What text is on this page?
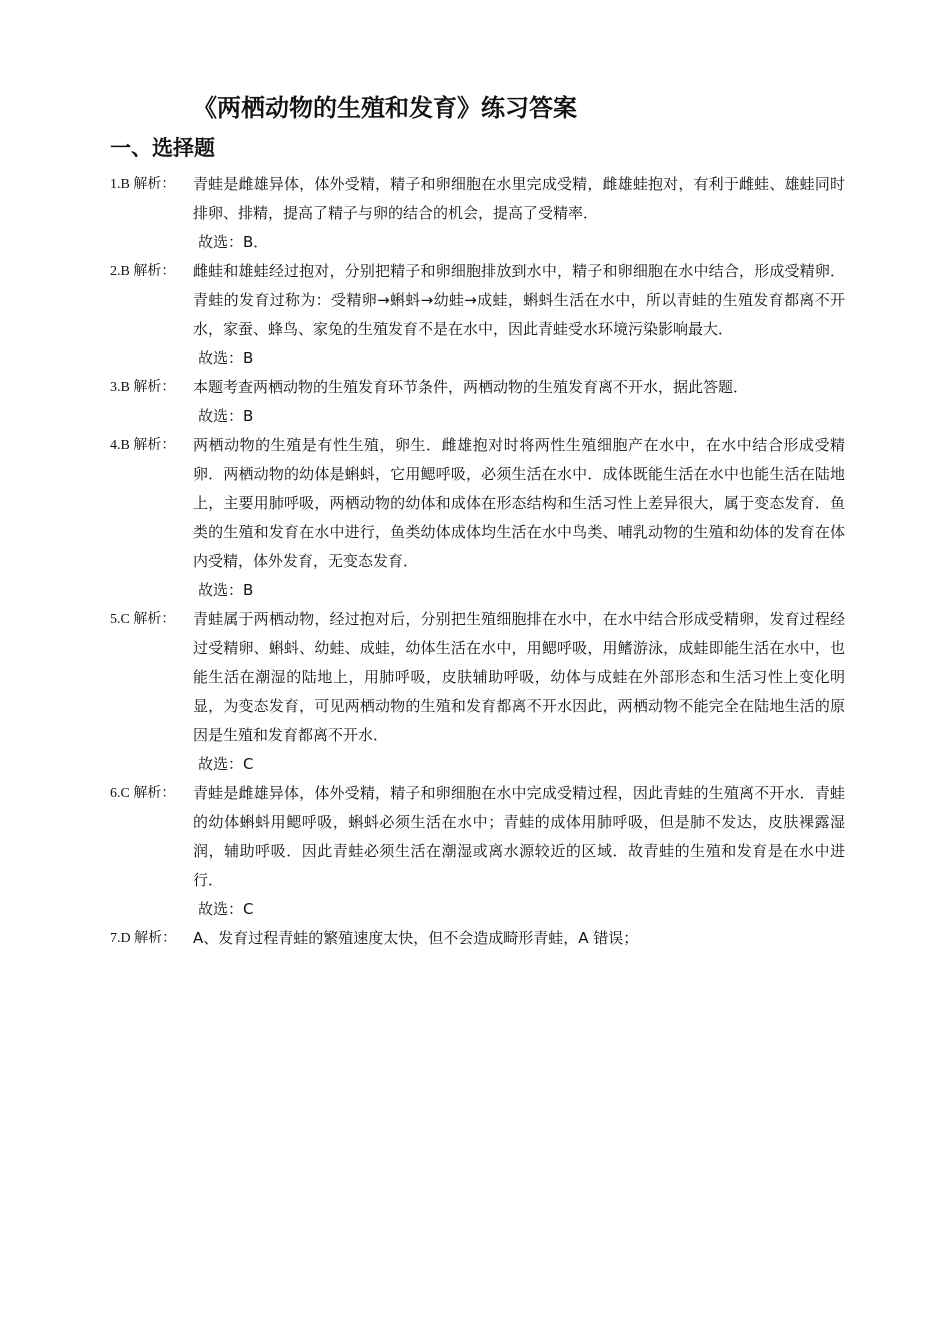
《两栖动物的生殖和发育》练习答案
一、选择题
1.B 解析：	青蛙是雌雄异体，体外受精，精子和卵细胞在水里完成受精，雌雄蛙抱对，有利于雌蛙、雄蛙同时排卵、排精，提高了精子与卵的结合的机会，提高了受精率．
故选：B．
2.B 解析：	雌蛙和雄蛙经过抱对，分别把精子和卵细胞排放到水中，精子和卵细胞在水中结合，形成受精卵．青蛙的发育过称为：受精卵→蝌蚪→幼蛙→成蛙，蝌蚪生活在水中，所以青蛙的生殖发育都离不开水，家蚕、蜂鸟、家兔的生殖发育不是在水中，因此青蛙受水环境污染影响最大．
故选：B
3.B 解析：	本题考查两栖动物的生殖发育环节条件，两栖动物的生殖发育离不开水，据此答题．
故选：B
4.B 解析：	两栖动物的生殖是有性生殖，卵生．雌雄抱对时将两性生殖细胞产在水中，在水中结合形成受精卵．两栖动物的幼体是蝌蚪，它用鳃呼吸，必须生活在水中．成体既能生活在水中也能生活在陆地上，主要用肺呼吸，两栖动物的幼体和成体在形态结构和生活习性上差异很大，属于变态发育．鱼类的生殖和发育在水中进行，鱼类幼体成体均生活在水中鸟类、哺乳动物的生殖和幼体的发育在体内受精，体外发育，无变态发育．
故选：B
5.C 解析：	青蛙属于两栖动物，经过抱对后，分别把生殖细胞排在水中，在水中结合形成受精卵，发育过程经过受精卵、蝌蚪、幼蛙、成蛙，幼体生活在水中，用鳃呼吸，用鳍游泳，成蛙即能生活在水中，也能生活在潮湿的陆地上，用肺呼吸，皮肤辅助呼吸，幼体与成蛙在外部形态和生活习性上变化明显，为变态发育，可见两栖动物的生殖和发育都离不开水因此，两栖动物不能完全在陆地生活的原因是生殖和发育都离不开水．
故选：C
6.C 解析：	青蛙是雌雄异体，体外受精，精子和卵细胞在水中完成受精过程，因此青蛙的生殖离不开水．青蛙的幼体蝌蚪用鳃呼吸，蝌蚪必须生活在水中；青蛙的成体用肺呼吸，但是肺不发达，皮肤裸露湿润，辅助呼吸．因此青蛙必须生活在潮湿或离水源较近的区域．故青蛙的生殖和发育是在水中进行．
故选：C
7.D 解析：	A、发育过程青蛙的繁殖速度太快，但不会造成畸形青蛙，A 错误；
